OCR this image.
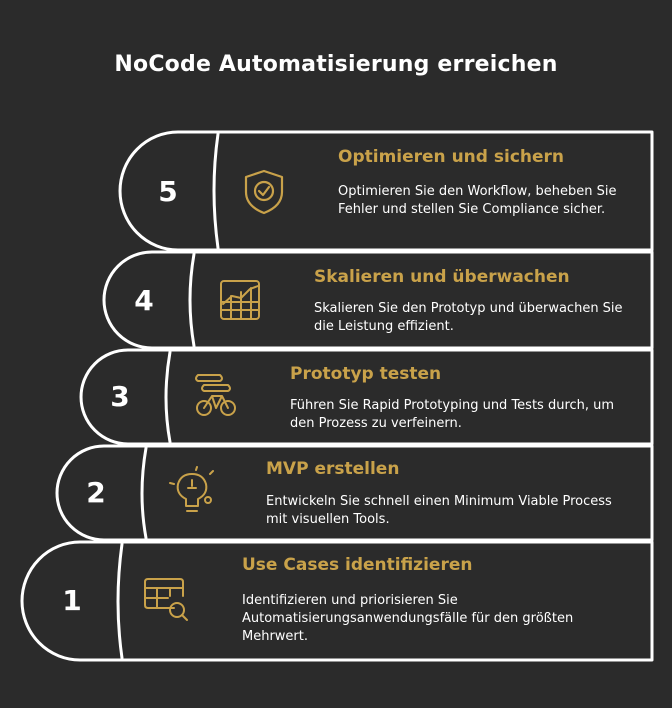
NoCode Automatisierung erreichen
5
Optimieren und sichern
Optimieren Sie den Workflow, beheben Sie Fehler und stellen Sie Compliance sicher.
4
Skalieren und überwachen
Skalieren Sie den Prototyp und überwachen Sie die Leistung effizient.
3
Prototyp testen
Führen Sie Rapid Prototyping und Tests durch, um den Prozess zu verfeinern.
2
MVP erstellen
Entwickeln Sie schnell einen Minimum Viable Process mit visuellen Tools.
1
Use Cases identifizieren
Identifizieren und priorisieren Sie Automatisierungsanwendungsfälle für den größten Mehrwert.
